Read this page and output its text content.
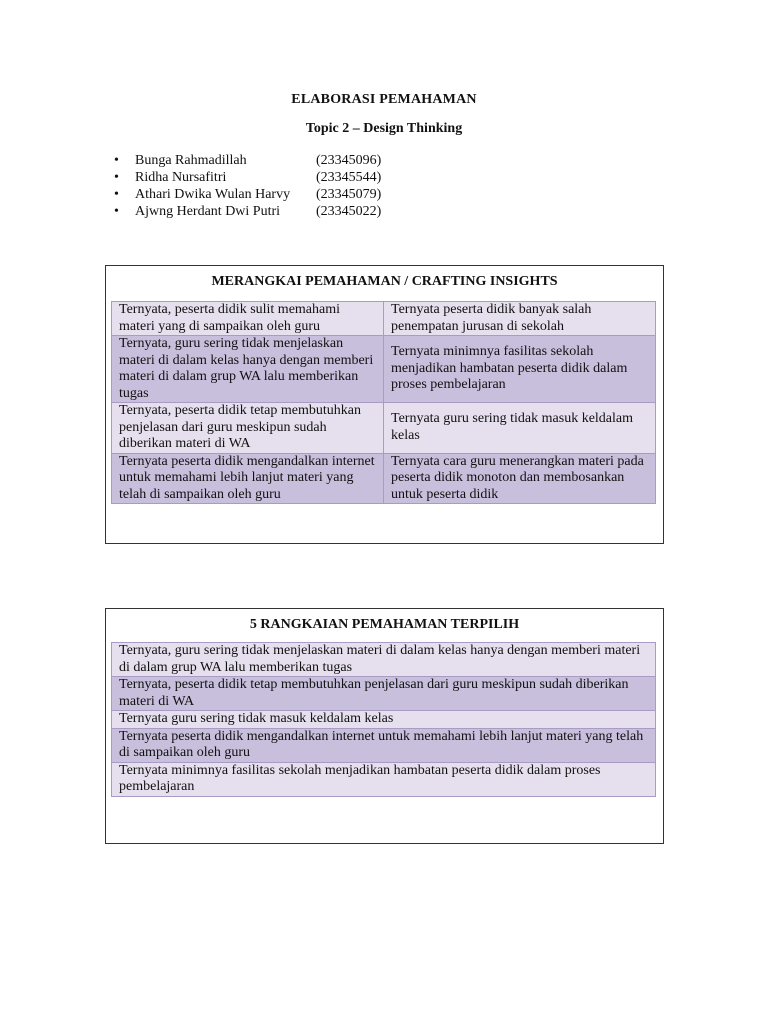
ELABORASI PEMAHAMAN
Topic 2 – Design Thinking
•	Bunga Rahmadillah	(23345096)
•	Ridha Nursafitri	(23345544)
•	Athari Dwika Wulan Harvy	(23345079)
•	Ajwng Herdant Dwi Putri	(23345022)
MERANGKAI PEMAHAMAN / CRAFTING INSIGHTS
Ternyata, peserta didik sulit memahami materi yang di sampaikan oleh guru	Ternyata peserta didik banyak salah penempatan jurusan di sekolah
Ternyata, guru sering tidak menjelaskan materi di dalam kelas hanya dengan memberi materi di dalam grup WA lalu memberikan tugas	Ternyata minimnya fasilitas sekolah menjadikan hambatan peserta didik dalam proses pembelajaran
Ternyata, peserta didik tetap membutuhkan penjelasan dari guru meskipun sudah diberikan materi di WA	Ternyata guru sering tidak masuk keldalam kelas
Ternyata peserta didik mengandalkan internet untuk memahami lebih lanjut materi yang telah di sampaikan oleh guru	Ternyata cara guru menerangkan materi pada peserta didik monoton dan membosankan untuk peserta didik
5 RANGKAIAN PEMAHAMAN TERPILIH
Ternyata, guru sering tidak menjelaskan materi di dalam kelas hanya dengan memberi materi di dalam grup WA lalu memberikan tugas
Ternyata, peserta didik tetap membutuhkan penjelasan dari guru meskipun sudah diberikan materi di WA
Ternyata guru sering tidak masuk keldalam kelas
Ternyata peserta didik mengandalkan internet untuk memahami lebih lanjut materi yang telah di sampaikan oleh guru
Ternyata minimnya fasilitas sekolah menjadikan hambatan peserta didik dalam proses pembelajaran
